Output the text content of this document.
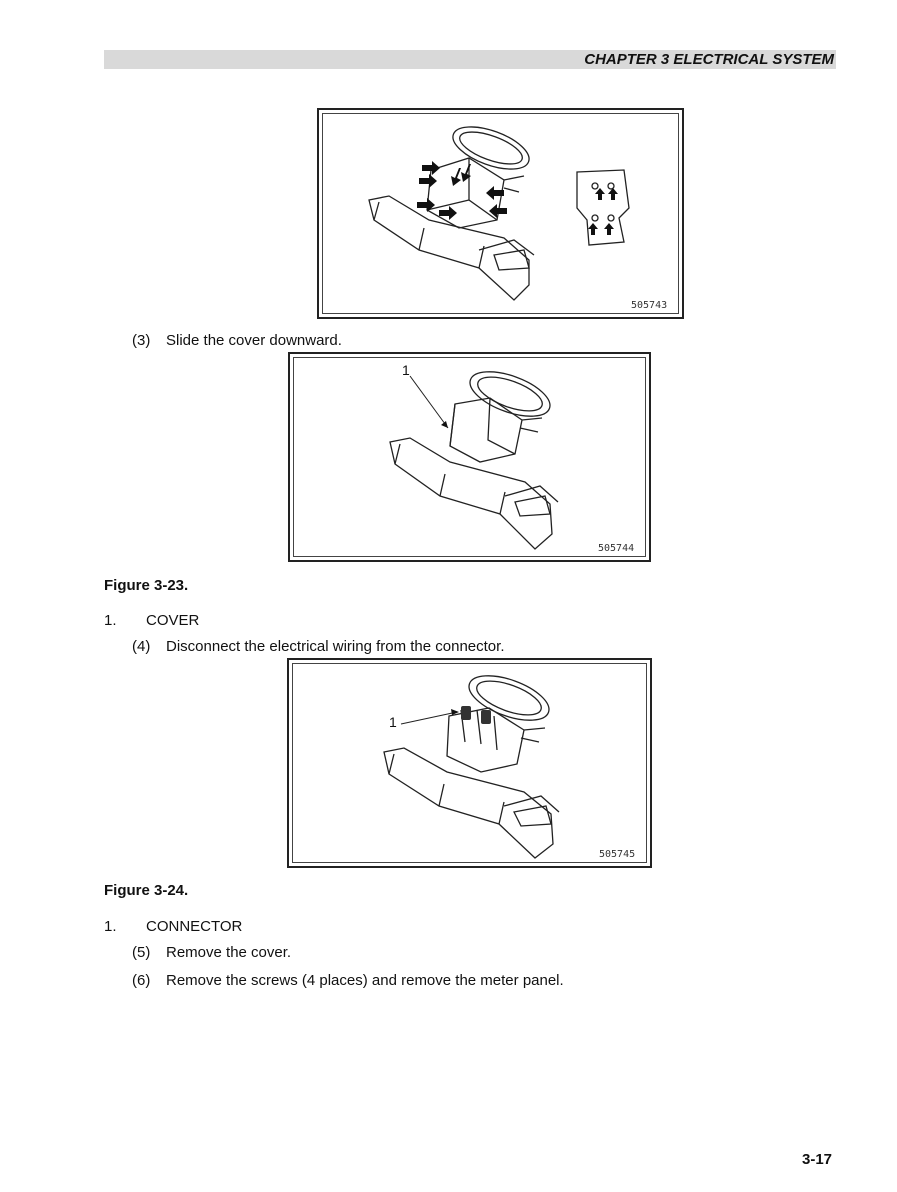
CHAPTER 3 ELECTRICAL SYSTEM
505743
(3) Slide the cover downward.
1
505744
Figure 3-23.
1. COVER
(4) Disconnect the electrical wiring from the connector.
1
505745
Figure 3-24.
1. CONNECTOR
(5) Remove the cover.
(6) Remove the screws (4 places) and remove the meter panel.
3-17
